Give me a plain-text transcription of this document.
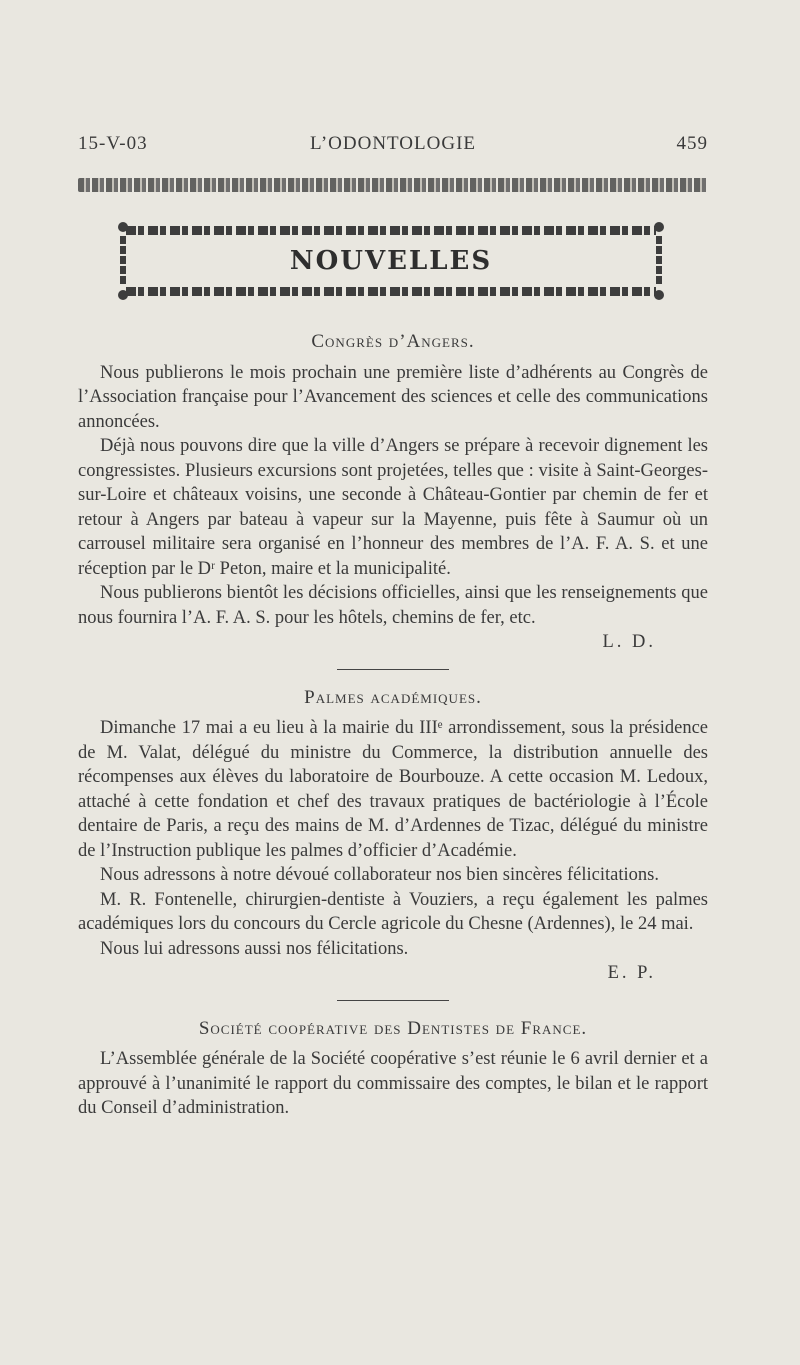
15-V-03	L’ODONTOLOGIE	459
NOUVELLES
Congrès d’Angers.

Nous publierons le mois prochain une première liste d’adhérents au Congrès de l’Association française pour l’Avancement des sciences et celle des communications annoncées.

Déjà nous pouvons dire que la ville d’Angers se prépare à recevoir dignement les congressistes. Plusieurs excursions sont projetées, telles que : visite à Saint-Georges-sur-Loire et châteaux voisins, une seconde à Château-Gontier par chemin de fer et retour à Angers par bateau à vapeur sur la Mayenne, puis fête à Saumur où un carrousel militaire sera organisé en l’honneur des membres de l’A. F. A. S. et une réception par le Dʳ Peton, maire et la municipalité.

Nous publierons bientôt les décisions officielles, ainsi que les renseignements que nous fournira l’A. F. A. S. pour les hôtels, chemins de fer, etc.

L. D.

Palmes académiques.

Dimanche 17 mai a eu lieu à la mairie du IIIᵉ arrondissement, sous la présidence de M. Valat, délégué du ministre du Commerce, la distribution annuelle des récompenses aux élèves du laboratoire de Bourbouze. A cette occasion M. Ledoux, attaché à cette fondation et chef des travaux pratiques de bactériologie à l’École dentaire de Paris, a reçu des mains de M. d’Ardennes de Tizac, délégué du ministre de l’Instruction publique les palmes d’officier d’Académie.

Nous adressons à notre dévoué collaborateur nos bien sincères félicitations.

M. R. Fontenelle, chirurgien-dentiste à Vouziers, a reçu également les palmes académiques lors du concours du Cercle agricole du Chesne (Ardennes), le 24 mai.

Nous lui adressons aussi nos félicitations.

E. P.

Société coopérative des Dentistes de France.

L’Assemblée générale de la Société coopérative s’est réunie le 6 avril dernier et a approuvé à l’unanimité le rapport du commissaire des comptes, le bilan et le rapport du Conseil d’administration.
